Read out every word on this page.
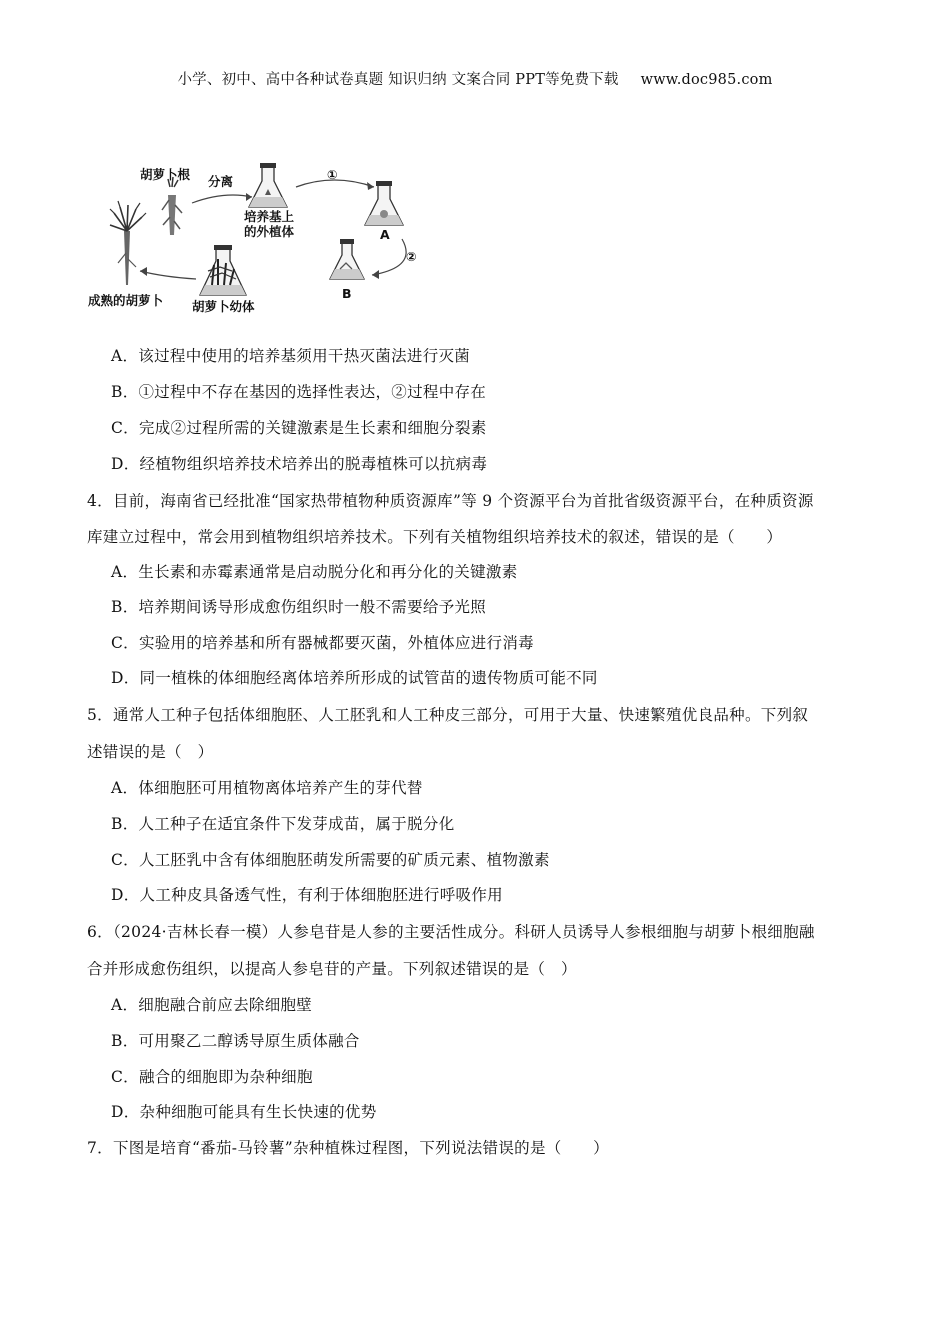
小学、初中、高中各种试卷真题 知识归纳 文案合同 PPT等免费下载 www.doc985.com
胡萝卜根 分离
培养基上
的外植体
①
A
②
B
胡萝卜幼体
成熟的胡萝卜
A．该过程中使用的培养基须用干热灭菌法进行灭菌
B．①过程中不存在基因的选择性表达，②过程中存在
C．完成②过程所需的关键激素是生长素和细胞分裂素
D．经植物组织培养技术培养出的脱毒植株可以抗病毒
4．目前，海南省已经批准“国家热带植物种质资源库”等 9 个资源平台为首批省级资源平台，在种质资源
库建立过程中，常会用到植物组织培养技术。下列有关植物组织培养技术的叙述，错误的是（　　）
A．生长素和赤霉素通常是启动脱分化和再分化的关键激素
B．培养期间诱导形成愈伤组织时一般不需要给予光照
C．实验用的培养基和所有器械都要灭菌，外植体应进行消毒
D．同一植株的体细胞经离体培养所形成的试管苗的遗传物质可能不同
5．通常人工种子包括体细胞胚、人工胚乳和人工种皮三部分，可用于大量、快速繁殖优良品种。下列叙
述错误的是（　）
A．体细胞胚可用植物离体培养产生的芽代替
B．人工种子在适宜条件下发芽成苗，属于脱分化
C．人工胚乳中含有体细胞胚萌发所需要的矿质元素、植物激素
D．人工种皮具备透气性，有利于体细胞胚进行呼吸作用
6．（2024·吉林长春一模）人参皂苷是人参的主要活性成分。科研人员诱导人参根细胞与胡萝卜根细胞融
合并形成愈伤组织，以提高人参皂苷的产量。下列叙述错误的是（　）
A．细胞融合前应去除细胞壁
B．可用聚乙二醇诱导原生质体融合
C．融合的细胞即为杂种细胞
D．杂种细胞可能具有生长快速的优势
7．下图是培育“番茄-马铃薯”杂种植株过程图，下列说法错误的是（　　）
